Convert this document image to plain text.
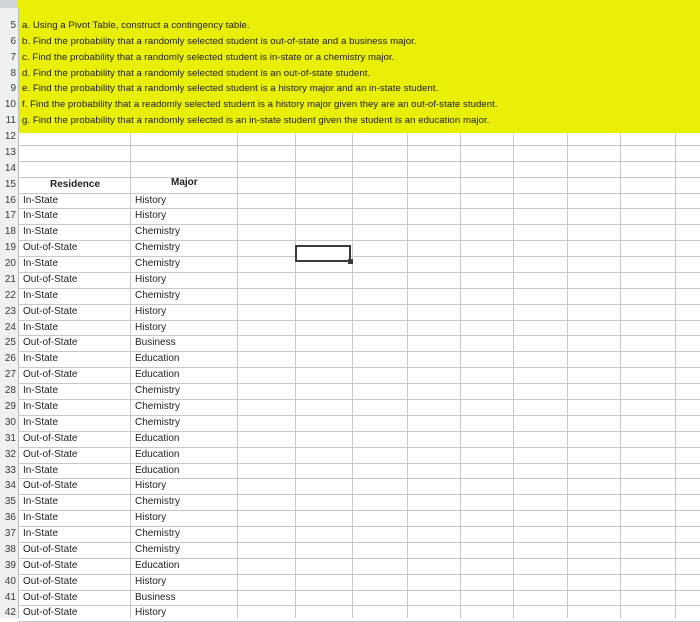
5
6
7
8
9
10
11
12
13
14
15
16
17
18
19
20
21
22
23
24
25
26
27
28
29
30
31
32
33
34
35
36
37
38
39
40
41
42
a. Using a Pivot Table, construct a contingency table.
b. Find the probability that a randomly selected student is out-of-state and a business major.
c. Find the probability that a randomly selected student is in-state or a chemistry major.
d. Find the probability that a randomly selected student is an out-of-state student.
e. Find the probability that a randomly selected student is a history major and an in-state student.
f. Find the probability that a readomly selected student is a history major given they are an out-of-state student.
g. Find the probability that a randomly selected is an in-state student given the student is an education major.
Residence	Major
In-State	History
In-State	History
In-State	Chemistry
Out-of-State	Chemistry
In-State	Chemistry
Out-of-State	History
In-State	Chemistry
Out-of-State	History
In-State	History
Out-of-State	Business
In-State	Education
Out-of-State	Education
In-State	Chemistry
In-State	Chemistry
In-State	Chemistry
Out-of-State	Education
Out-of-State	Education
In-State	Education
Out-of-State	History
In-State	Chemistry
In-State	History
In-State	Chemistry
Out-of-State	Chemistry
Out-of-State	Education
Out-of-State	History
Out-of-State	Business
Out-of-State	History
